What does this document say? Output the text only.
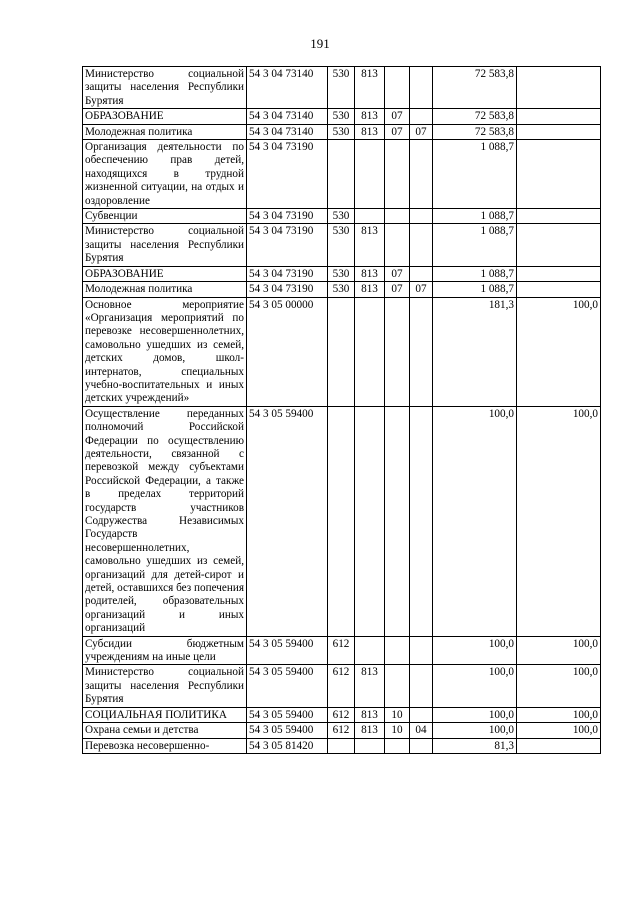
191
Министерство социальной защиты населения Республики Бурятия	54 3 04 73140	530	813			72 583,8	
ОБРАЗОВАНИЕ	54 3 04 73140	530	813	07		72 583,8	
Молодежная политика	54 3 04 73140	530	813	07	07	72 583,8	
Организация деятельности по обеспечению прав детей, находящихся в трудной жизненной ситуации, на отдых и оздоровление	54 3 04 73190					1 088,7	
Субвенции	54 3 04 73190	530				1 088,7	
Министерство социальной защиты населения Республики Бурятия	54 3 04 73190	530	813			1 088,7	
ОБРАЗОВАНИЕ	54 3 04 73190	530	813	07		1 088,7	
Молодежная политика	54 3 04 73190	530	813	07	07	1 088,7	
Основное мероприятие «Организация мероприятий по перевозке несовершеннолетних, самовольно ушедших из семей, детских домов, школ-интернатов, специальных учебно-воспитательных и иных детских учреждений»	54 3 05 00000					181,3	100,0
Осуществление переданных полномочий Российской Федерации по осуществлению деятельности, связанной с перевозкой между субъектами Российской Федерации, а также в пределах территорий государств участников Содружества Независимых Государств несовершеннолетних, самовольно ушедших из семей, организаций для детей-сирот и детей, оставшихся без попечения родителей, образовательных организаций и иных организаций	54 3 05 59400					100,0	100,0
Субсидии бюджетным учреждениям на иные цели	54 3 05 59400	612				100,0	100,0
Министерство социальной защиты населения Республики Бурятия	54 3 05 59400	612	813			100,0	100,0
СОЦИАЛЬНАЯ ПОЛИТИКА	54 3 05 59400	612	813	10		100,0	100,0
Охрана семьи и детства	54 3 05 59400	612	813	10	04	100,0	100,0
Перевозка несовершенно-	54 3 05 81420					81,3	
